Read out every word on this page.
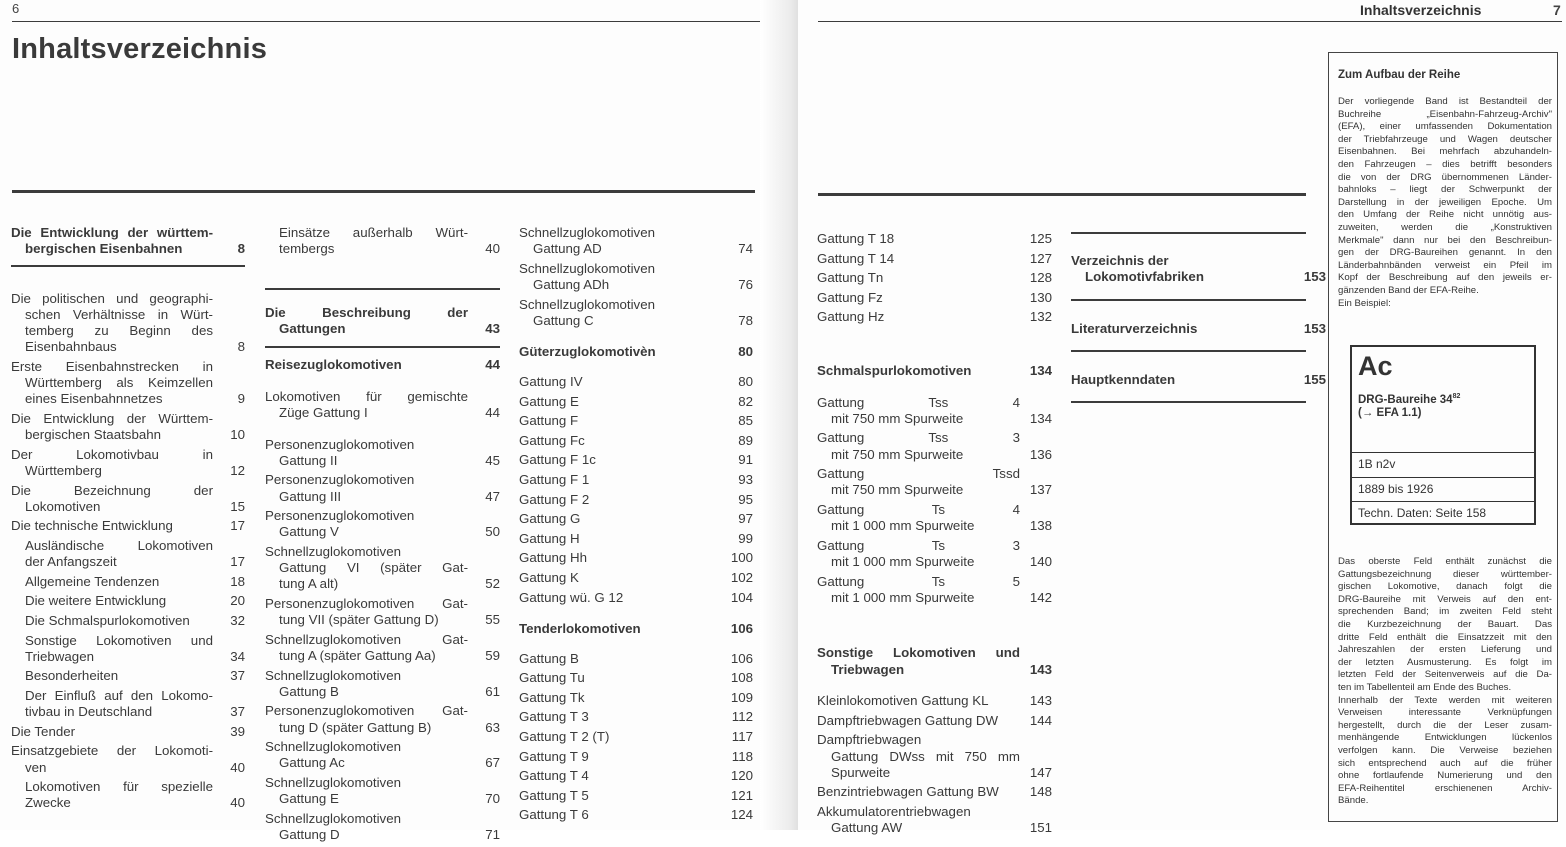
6
Inhaltsverzeichnis
Die Entwicklung der württem-
bergischen Eisenbahnen	8
Die politischen und geographi-
schen Verhältnisse in Würt-
temberg zu Beginn des
Eisenbahnbaus	8
Erste Eisenbahnstrecken in
Württemberg als Keimzellen
eines Eisenbahnnetzes	9
Die Entwicklung der Württem-
bergischen Staatsbahn	10
Der Lokomotivbau in
Württemberg	12
Die Bezeichnung der
Lokomotiven	15
Die technische Entwicklung	17
Ausländische Lokomotiven
der Anfangszeit	17
Allgemeine Tendenzen	18
Die weitere Entwicklung	20
Die Schmalspurlokomotiven	32
Sonstige Lokomotiven und
Triebwagen	34
Besonderheiten	37
Der Einfluß auf den Lokomo-
tivbau in Deutschland	37
Die Tender	39
Einsatzgebiete der Lokomoti-
ven	40
Lokomotiven für spezielle
Zwecke	40
Einsätze außerhalb Würt-
tembergs	40
Die Beschreibung der
Gattungen	43
Reisezuglokomotiven	44
Lokomotiven für gemischte
Züge Gattung I	44
Personenzuglokomotiven
Gattung II	45
Personenzuglokomotiven
Gattung III	47
Personenzuglokomotiven
Gattung V	50
Schnellzuglokomotiven
Gattung VI (später Gat-
tung A alt)	52
Personenzuglokomotiven Gat-
tung VII (später Gattung D)	55
Schnellzuglokomotiven Gat-
tung A (später Gattung Aa)	59
Schnellzuglokomotiven
Gattung B	61
Personenzuglokomotiven Gat-
tung D (später Gattung B)	63
Schnellzuglokomotiven
Gattung Ac	67
Schnellzuglokomotiven
Gattung E	70
Schnellzuglokomotiven
Gattung D	71
Schnellzuglokomotiven
Gattung AD	74
Schnellzuglokomotiven
Gattung ADh	76
Schnellzuglokomotiven
Gattung C	78
Güterzuglokomotivèn	80
Gattung IV	80
Gattung E	82
Gattung F	85
Gattung Fc	89
Gattung F 1c	91
Gattung F 1	93
Gattung F 2	95
Gattung G	97
Gattung H	99
Gattung Hh	100
Gattung K	102
Gattung wü. G 12	104
Tenderlokomotiven	106
Gattung B	106
Gattung Tu	108
Gattung Tk	109
Gattung T 3	112
Gattung T 2 (T)	117
Gattung T 9	118
Gattung T 4	120
Gattung T 5	121
Gattung T 6	124
Inhaltsverzeichnis	7
Gattung T 18	125
Gattung T 14	127
Gattung Tn	128
Gattung Fz	130
Gattung Hz	132
Schmalspurlokomotiven	134
Gattung Tss 4
mit 750 mm Spurweite	134
Gattung Tss 3
mit 750 mm Spurweite	136
Gattung Tssd
mit 750 mm Spurweite	137
Gattung Ts 4
mit 1 000 mm Spurweite	138
Gattung Ts 3
mit 1 000 mm Spurweite	140
Gattung Ts 5
mit 1 000 mm Spurweite	142
Sonstige Lokomotiven und
Triebwagen	143
Kleinlokomotiven Gattung KL	143
Dampftriebwagen Gattung DW	144
Dampftriebwagen
Gattung DWss mit 750 mm
Spurweite	147
Benzintriebwagen Gattung BW	148
Akkumulatorentriebwagen
Gattung AW	151
Verzeichnis der
Lokomotivfabriken	153
Literaturverzeichnis	153
Hauptkenndaten	155
Zum Aufbau der Reihe
Der vorliegende Band ist Bestandteil der
Buchreihe „Eisenbahn-Fahrzeug-Archiv"
(EFA), einer umfassenden Dokumentation
der Triebfahrzeuge und Wagen deutscher
Eisenbahnen. Bei mehrfach abzuhandeln-
den Fahrzeugen – dies betrifft besonders
die von der DRG übernommenen Länder-
bahnloks – liegt der Schwerpunkt der
Darstellung in der jeweiligen Epoche. Um
den Umfang der Reihe nicht unnötig aus-
zuweiten, werden die „Konstruktiven
Merkmale" dann nur bei den Beschreibun-
gen der DRG-Baureihen genannt. In den
Länderbahnbänden verweist ein Pfeil im
Kopf der Beschreibung auf den jeweils er-
gänzenden Band der EFA-Reihe.
Ein Beispiel:
Das oberste Feld enthält zunächst die
Gattungsbezeichnung dieser württember-
gischen Lokomotive, danach folgt die
DRG-Baureihe mit Verweis auf den ent-
sprechenden Band; im zweiten Feld steht
die Kurzbezeichnung der Bauart. Das
dritte Feld enthält die Einsatzzeit mit den
Jahreszahlen der ersten Lieferung und
der letzten Ausmusterung. Es folgt im
letzten Feld der Seitenverweis auf die Da-
ten im Tabellenteil am Ende des Buches.
Innerhalb der Texte werden mit weiteren
Verweisen interessante Verknüpfungen
hergestellt, durch die der Leser zusam-
menhängende Entwicklungen lückenlos
verfolgen kann. Die Verweise beziehen
sich entsprechend auch auf die früher
ohne fortlaufende Numerierung und den
EFA-Reihentitel erschienenen Archiv-
Bände.
Ac
DRG-Baureihe $34^{82}$
(→ EFA 1.1)
1B n2v
1889 bis 1926
Techn. Daten: Seite 158
